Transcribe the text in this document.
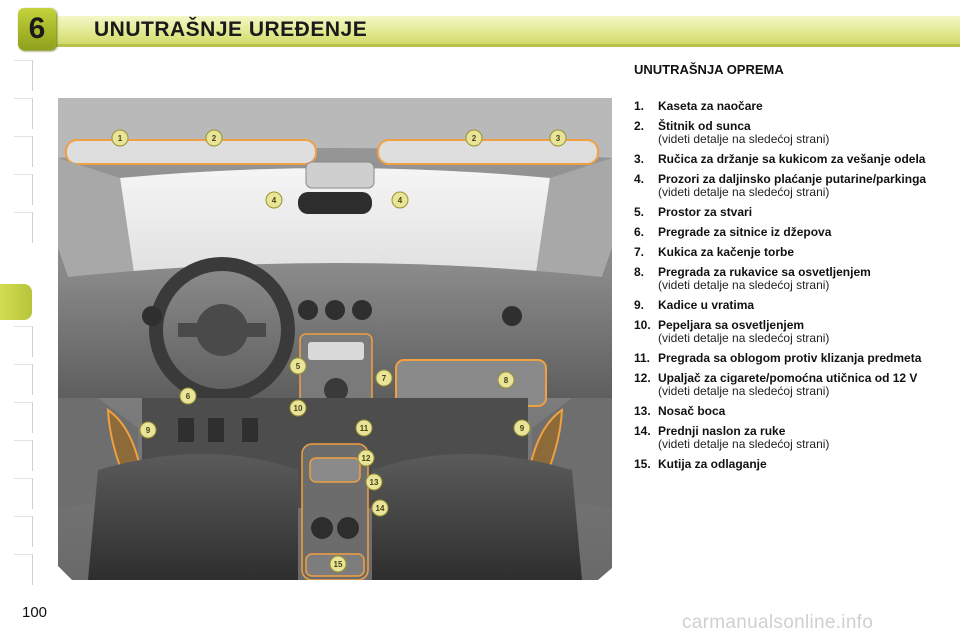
6	UNUTRAŠNJE UREĐENJE
1	2	2	3
4	4
5
6
7	8
9	9
10
11
12
13
14
15
UNUTRAŠNJA OPREMA
1. Kaseta za naočare
2. Štitnik od sunca
(videti detalje na sledećoj strani)
3. Ručica za držanje sa kukicom za vešanje odela
4. Prozori za daljinsko plaćanje putarine/parkinga
(videti detalje na sledećoj strani)
5. Prostor za stvari
6. Pregrade za sitnice iz džepova
7. Kukica za kačenje torbe
8. Pregrada za rukavice sa osvetljenjem
(videti detalje na sledećoj strani)
9. Kadice u vratima
10. Pepeljara sa osvetljenjem
(videti detalje na sledećoj strani)
11. Pregrada sa oblogom protiv klizanja predmeta
12. Upaljač za cigarete/pomoćna utičnica od 12 V
(videti detalje na sledećoj strani)
13. Nosač boca
14. Prednji naslon za ruke
(videti detalje na sledećoj strani)
15. Kutija za odlaganje
100	carmanualsonline.info
